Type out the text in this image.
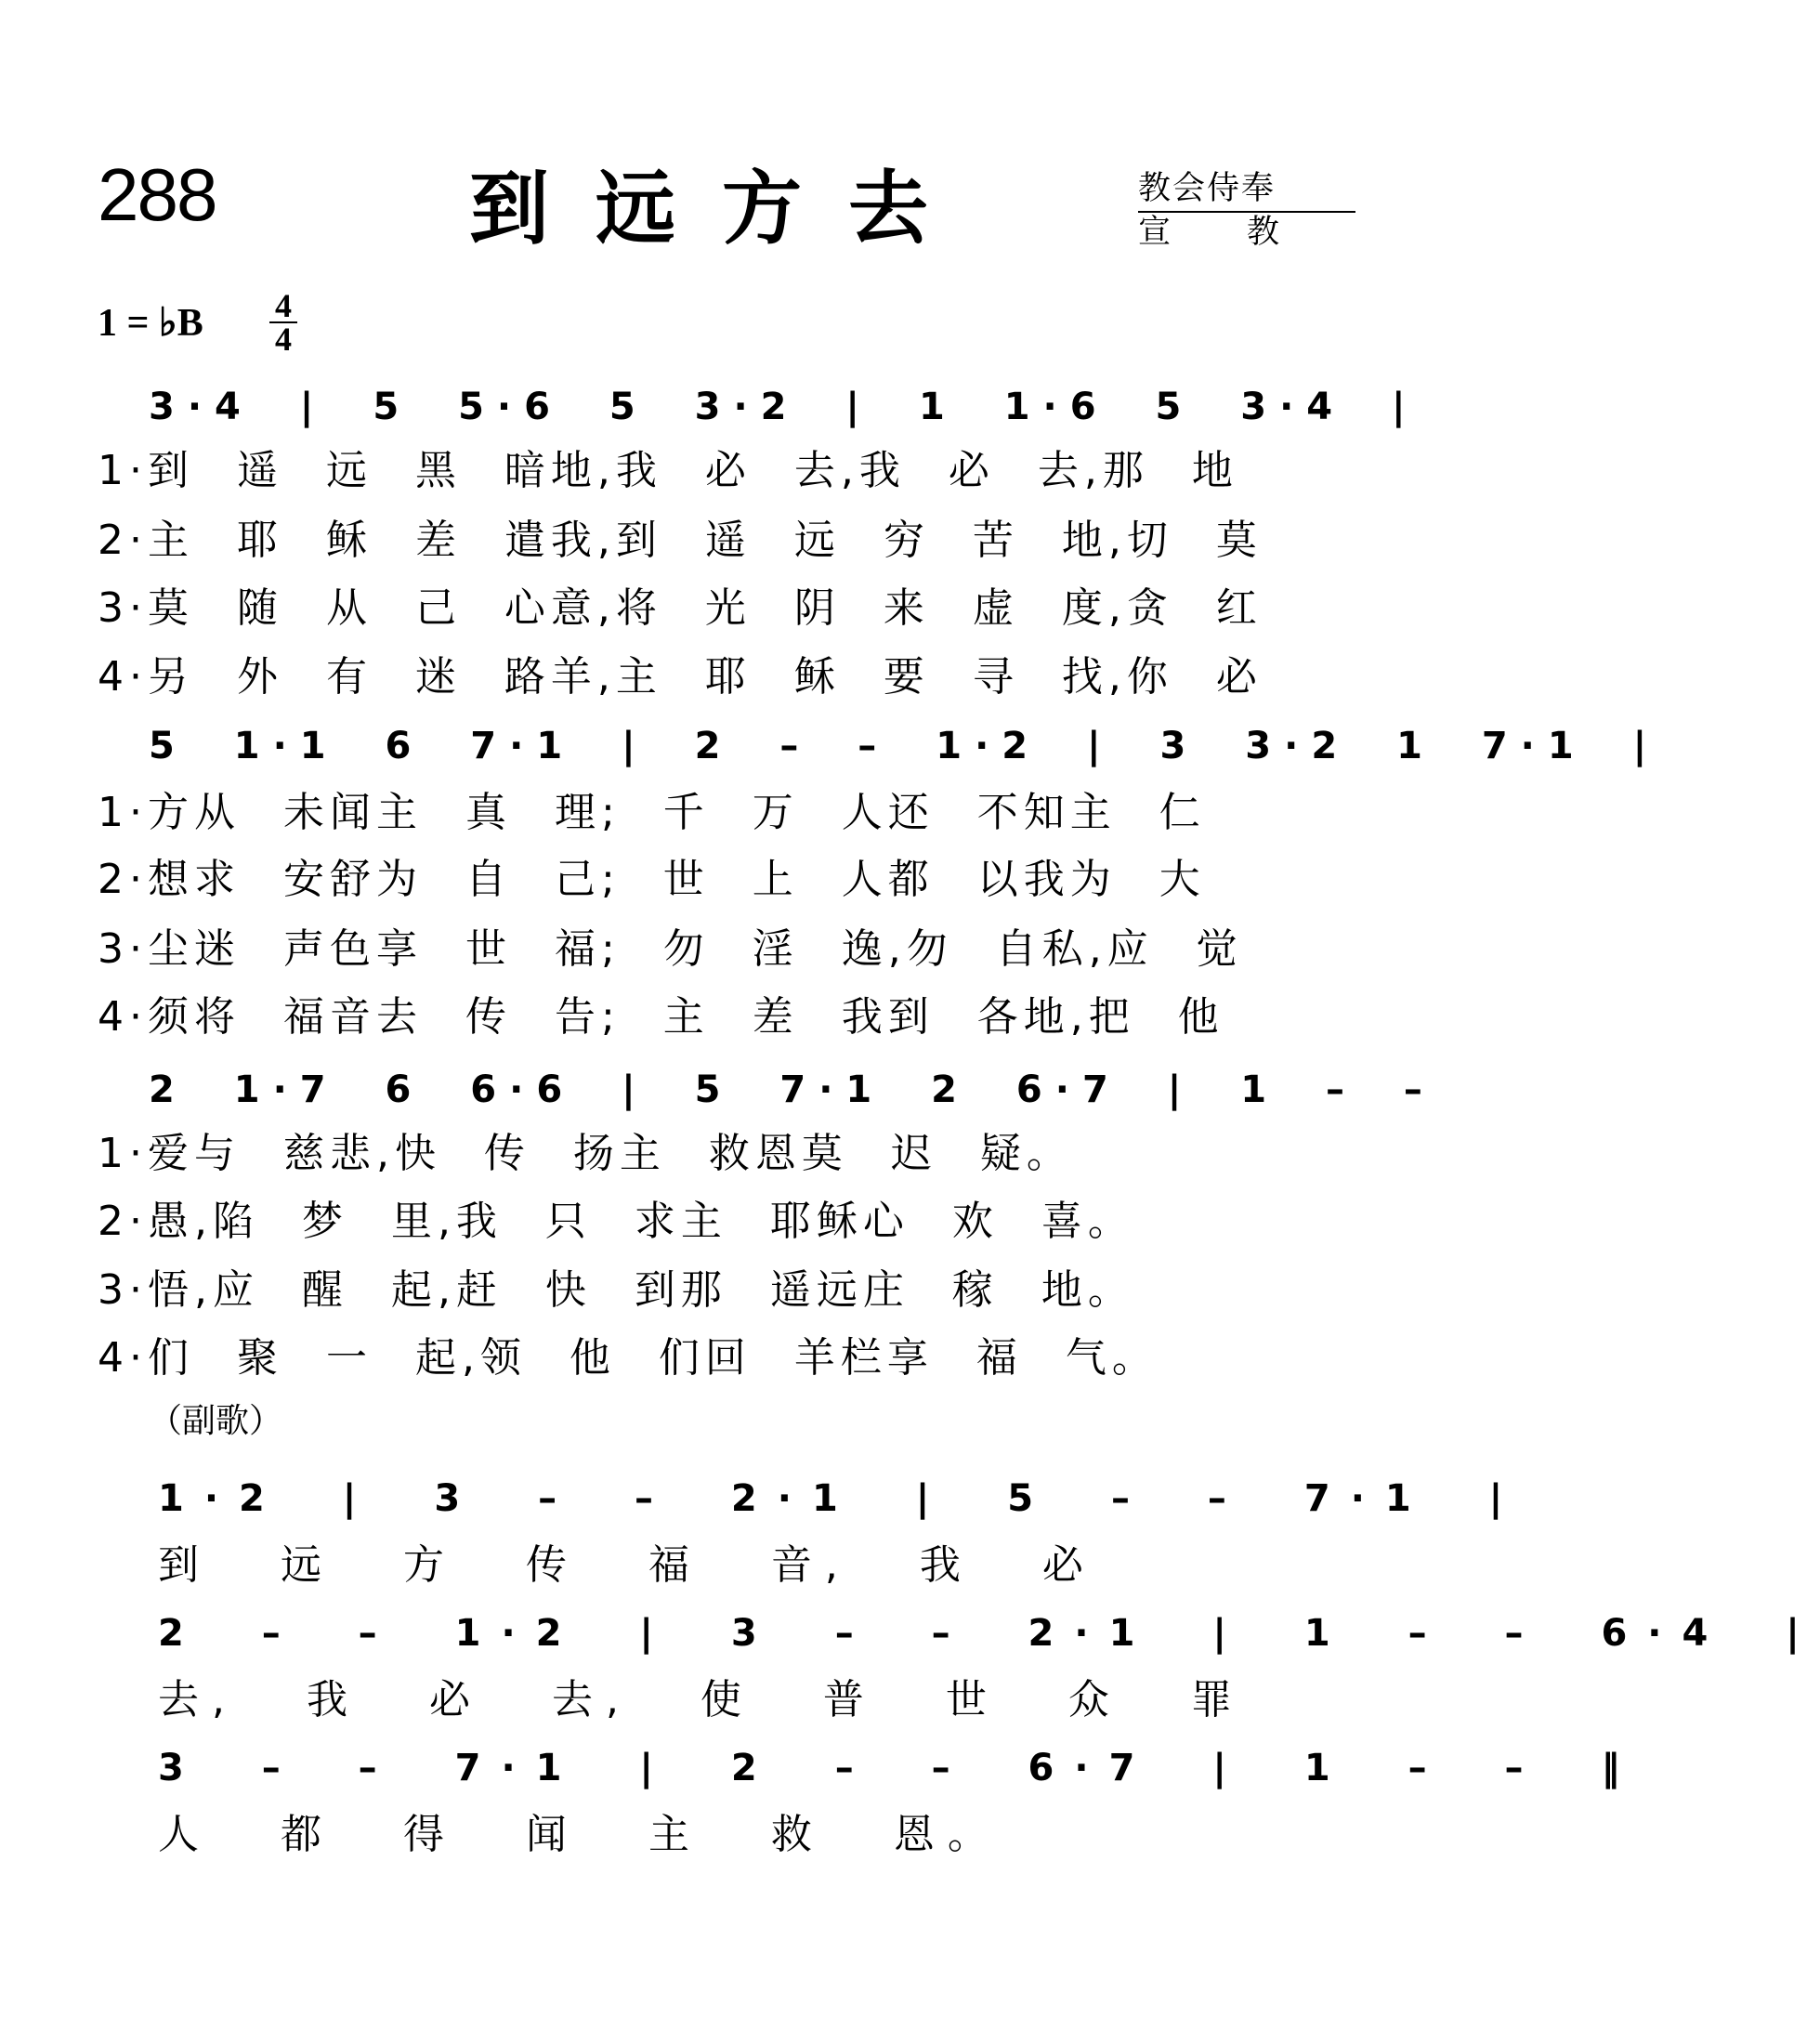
288	到远方去	教会侍奉
宣教
1 = ♭B 4
4
3·4 | 5 5·6 5 3·2 | 1 1·6 5 3·4 |
1·到 遥 远 黑 暗地,我 必 去,我 必 去,那 地
2·主 耶 稣 差 遣我,到 遥 远 穷 苦 地,切 莫
3·莫 随 从 己 心意,将 光 阴 来 虚 度,贪 红
4·另 外 有 迷 路羊,主 耶 稣 要 寻 找,你 必
5 1·1 6 7·1 | 2 – – 1·2 | 3 3·2 1 7·1 |
1·方从 未闻主 真 理; 千 万 人还 不知主 仁
2·想求 安舒为 自 己; 世 上 人都 以我为 大
3·尘迷 声色享 世 福; 勿 淫 逸,勿 自私,应 觉
4·须将 福音去 传 告; 主 差 我到 各地,把 他
2 1·7 6 6·6 | 5 7·1 2 6·7 | 1 – –
1·爱与 慈悲,快 传 扬主 救恩莫 迟 疑。
2·愚,陷 梦 里,我 只 求主 耶稣心 欢 喜。
3·悟,应 醒 起,赶 快 到那 遥远庄 稼 地。
4·们 聚 一 起,领 他 们回 羊栏享 福 气。
1·2 | 3 – – 2·1 | 5 – – 7·1 |
到 远 方 传 福 音, 我 必
2 – – 1·2 | 3 – – 2·1 | 1 – – 6·4 |
去, 我 必 去, 使 普 世 众 罪
3 – – 7·1 | 2 – – 6·7 | 1 – – ‖
人 都 得 闻 主 救 恩。
（副歌）
